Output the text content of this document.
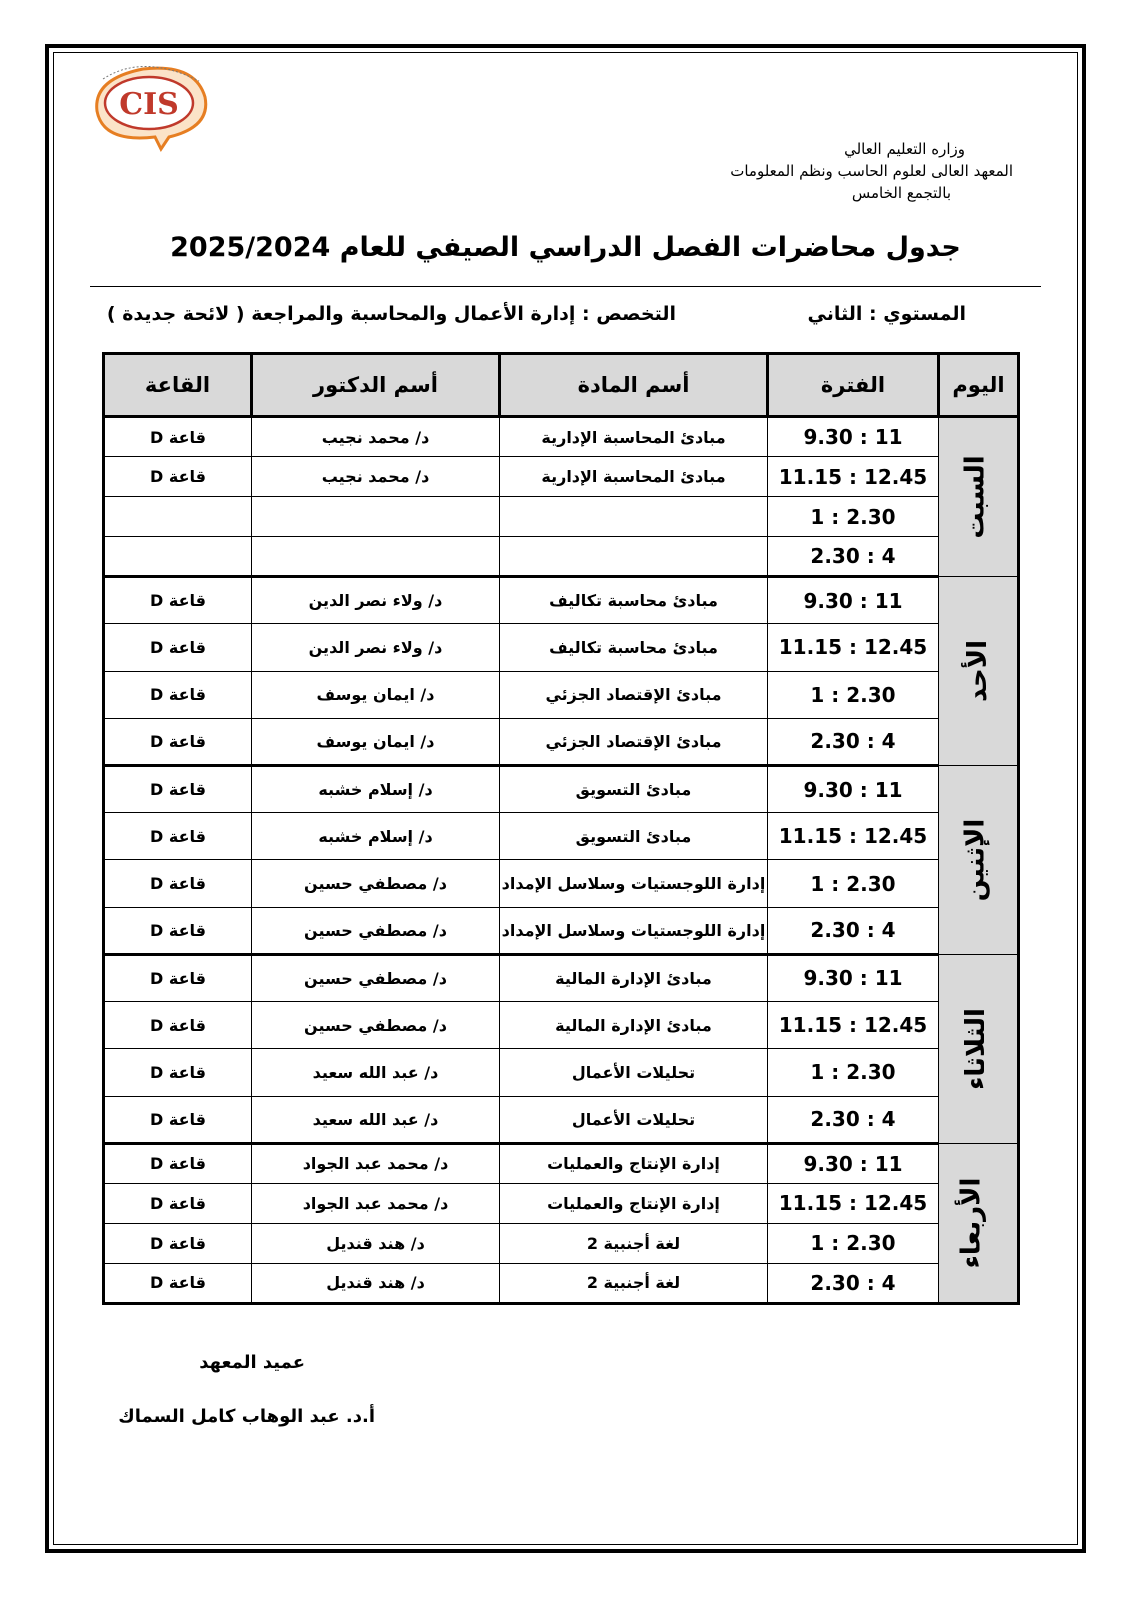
CIS
وزاره التعليم العالي
المعهد العالى لعلوم الحاسب ونظم المعلومات
بالتجمع الخامس
جدول محاضرات الفصل الدراسي الصيفي للعام 2025/2024
المستوي : الثاني
التخصص : إدارة الأعمال والمحاسبة والمراجعة ( لائحة جديدة )
اليوم	الفترة	أسم المادة	أسم الدكتور	القاعة
السبت	9.30 : 11	مبادئ المحاسبة الإدارية	د/ محمد نجيب	قاعة D
	11.15 : 12.45	مبادئ المحاسبة الإدارية	د/ محمد نجيب	قاعة D
	1 : 2.30			
	2.30 : 4			
الأحد	9.30 : 11	مبادئ محاسبة تكاليف	د/ ولاء نصر الدين	قاعة D
	11.15 : 12.45	مبادئ محاسبة تكاليف	د/ ولاء نصر الدين	قاعة D
	1 : 2.30	مبادئ الإقتصاد الجزئي	د/ ايمان يوسف	قاعة D
	2.30 : 4	مبادئ الإقتصاد الجزئي	د/ ايمان يوسف	قاعة D
الإثنين	9.30 : 11	مبادئ التسويق	د/ إسلام خشبه	قاعة D
	11.15 : 12.45	مبادئ التسويق	د/ إسلام خشبه	قاعة D
	1 : 2.30	إدارة اللوجستيات وسلاسل الإمداد	د/ مصطفي حسين	قاعة D
	2.30 : 4	إدارة اللوجستيات وسلاسل الإمداد	د/ مصطفي حسين	قاعة D
الثلاثاء	9.30 : 11	مبادئ الإدارة المالية	د/ مصطفي حسين	قاعة D
	11.15 : 12.45	مبادئ الإدارة المالية	د/ مصطفي حسين	قاعة D
	1 : 2.30	تحليلات الأعمال	د/ عبد الله سعيد	قاعة D
	2.30 : 4	تحليلات الأعمال	د/ عبد الله سعيد	قاعة D
الأربعاء	9.30 : 11	إدارة الإنتاج والعمليات	د/ محمد عبد الجواد	قاعة D
	11.15 : 12.45	إدارة الإنتاج والعمليات	د/ محمد عبد الجواد	قاعة D
	1 : 2.30	لغة أجنبية 2	د/ هند قنديل	قاعة D
	2.30 : 4	لغة أجنبية 2	د/ هند قنديل	قاعة D
عميد المعهد
أ.د. عبد الوهاب كامل السماك
